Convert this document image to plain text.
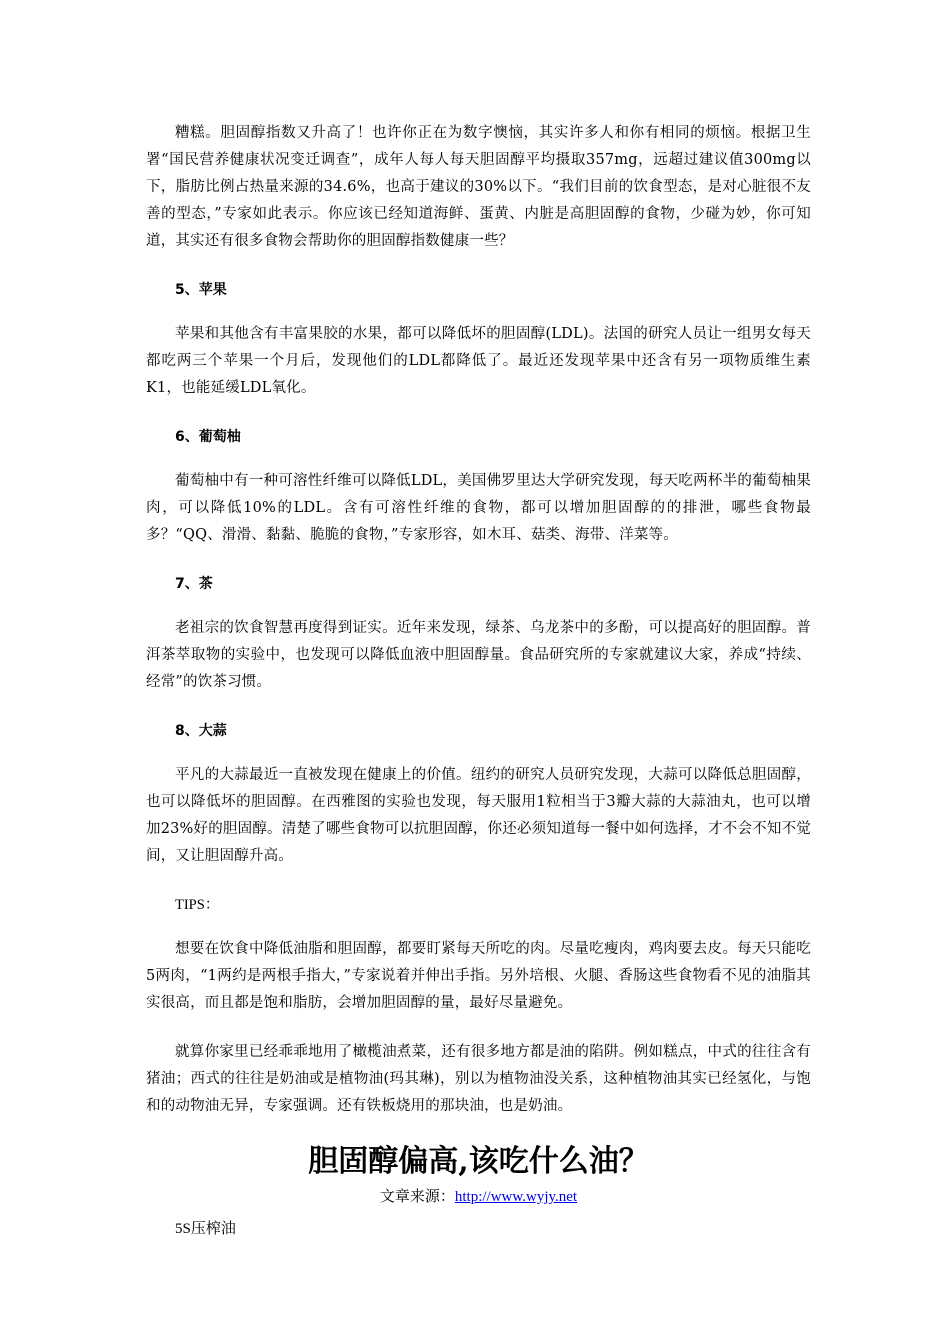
糟糕。胆固醇指数又升高了！也许你正在为数字懊恼，其实许多人和你有相同的烦恼。根据卫生署“国民营养健康状况变迁调查”，成年人每人每天胆固醇平均摄取357mg，远超过建议值300mg以下，脂肪比例占热量来源的34.6%，也高于建议的30%以下。“我们目前的饮食型态，是对心脏很不友善的型态，”专家如此表示。你应该已经知道海鲜、蛋黄、内脏是高胆固醇的食物，少碰为妙，你可知道，其实还有很多食物会帮助你的胆固醇指数健康一些？

5、苹果

苹果和其他含有丰富果胶的水果，都可以降低坏的胆固醇(LDL)。法国的研究人员让一组男女每天都吃两三个苹果一个月后，发现他们的LDL都降低了。最近还发现苹果中还含有另一项物质维生素K1，也能延缓LDL氧化。

6、葡萄柚

葡萄柚中有一种可溶性纤维可以降低LDL，美国佛罗里达大学研究发现，每天吃两杯半的葡萄柚果肉，可以降低10%的LDL。含有可溶性纤维的食物，都可以增加胆固醇的的排泄，哪些食物最多？“QQ、滑滑、黏黏、脆脆的食物，”专家形容，如木耳、菇类、海带、洋菜等。

7、茶

老祖宗的饮食智慧再度得到证实。近年来发现，绿茶、乌龙茶中的多酚，可以提高好的胆固醇。普洱茶萃取物的实验中，也发现可以降低血液中胆固醇量。食品研究所的专家就建议大家，养成“持续、经常”的饮茶习惯。

8、大蒜

平凡的大蒜最近一直被发现在健康上的价值。纽约的研究人员研究发现，大蒜可以降低总胆固醇，也可以降低坏的胆固醇。在西雅图的实验也发现，每天服用1粒相当于3瓣大蒜的大蒜油丸，也可以增加23%好的胆固醇。清楚了哪些食物可以抗胆固醇，你还必须知道每一餐中如何选择，才不会不知不觉间，又让胆固醇升高。

TIPS：

想要在饮食中降低油脂和胆固醇，都要盯紧每天所吃的肉。尽量吃瘦肉，鸡肉要去皮。每天只能吃5两肉，“1两约是两根手指大，”专家说着并伸出手指。另外培根、火腿、香肠这些食物看不见的油脂其实很高，而且都是饱和脂肪，会增加胆固醇的量，最好尽量避免。

就算你家里已经乖乖地用了橄榄油煮菜，还有很多地方都是油的陷阱。例如糕点，中式的往往含有猪油；西式的往往是奶油或是植物油(玛其琳)，别以为植物油没关系，这种植物油其实已经氢化，与饱和的动物油无异，专家强调。还有铁板烧用的那块油，也是奶油。

胆固醇偏高,该吃什么油？
文章来源：http://www.wyjy.net
5S压榨油
